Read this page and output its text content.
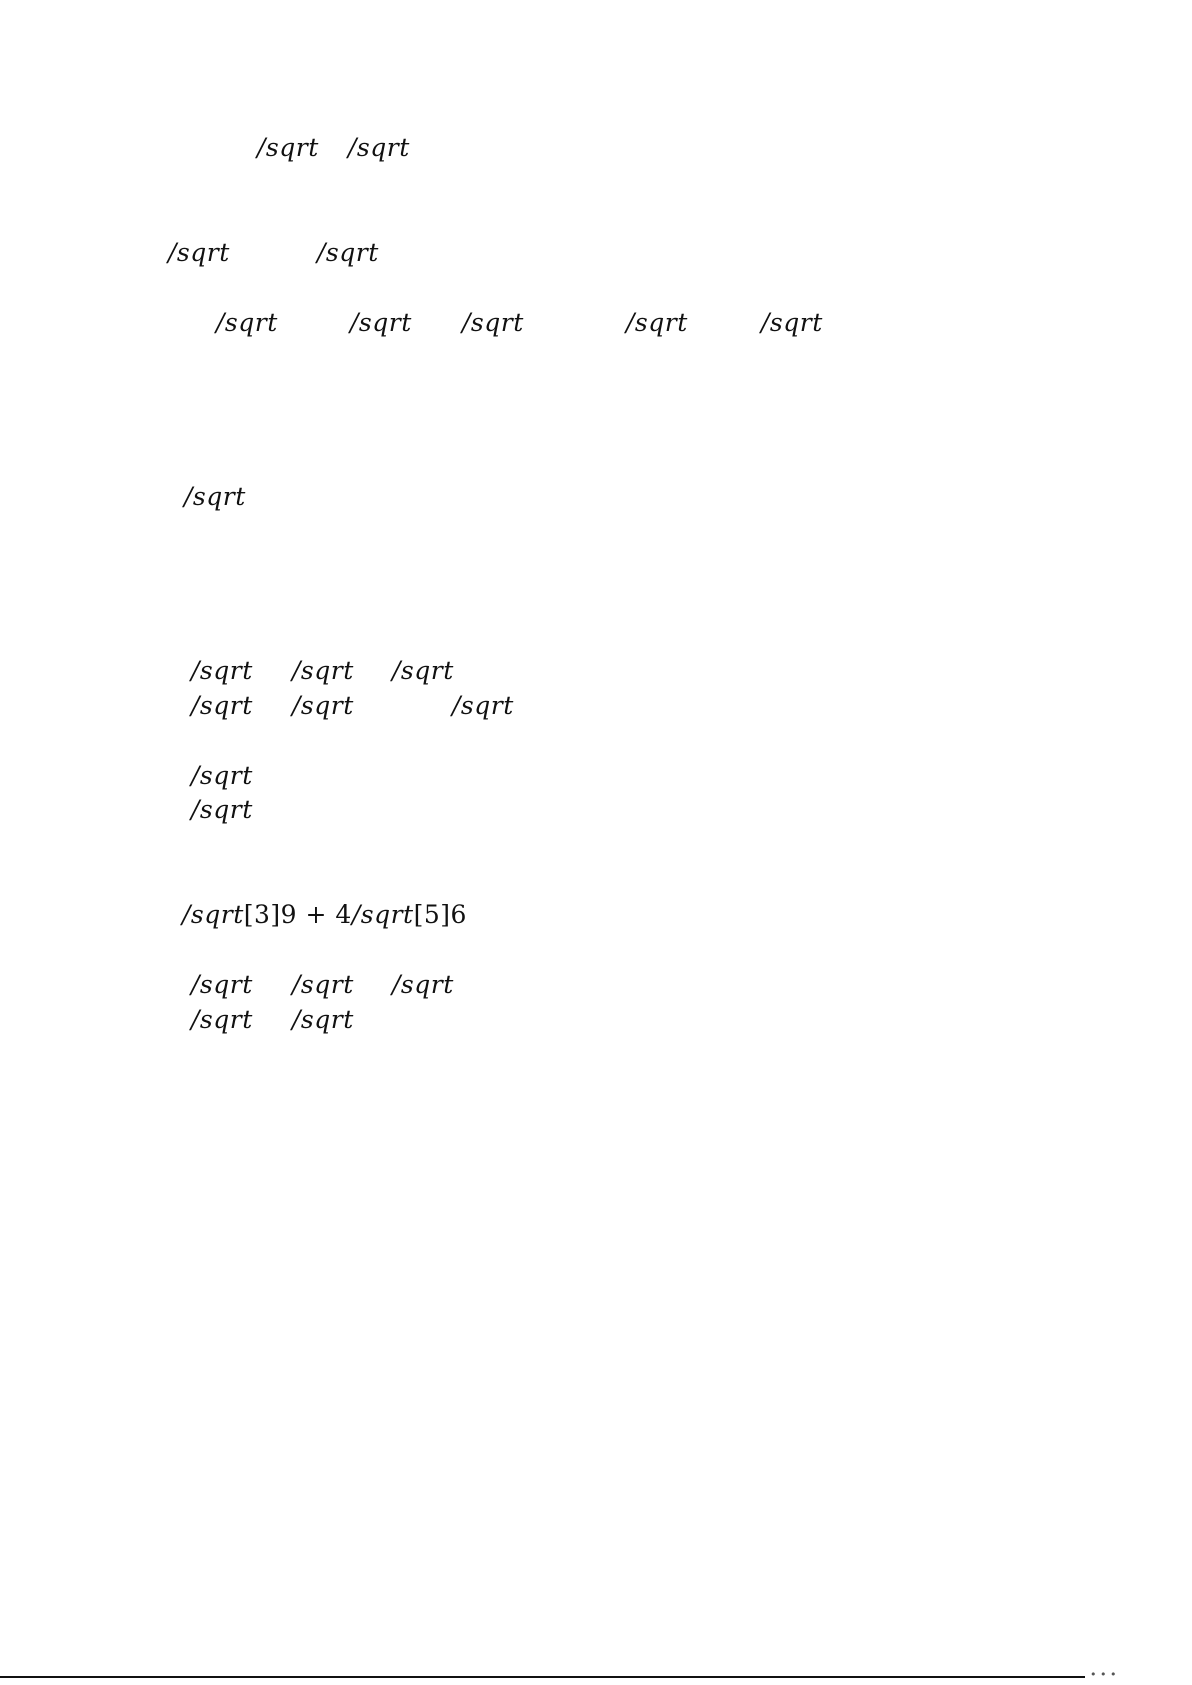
/sqrt /sqrt
/sqrt	/sqrt
/sqrt	/sqrt /sqrt	/sqrt	/sqrt
/sqrt
/sqrt /sqrt /sqrt
/sqrt /sqrt	/sqrt
/sqrt
/sqrt
/sqrt[3]9 + 4/sqrt[5]6
/sqrt /sqrt /sqrt
/sqrt /sqrt
• • •
